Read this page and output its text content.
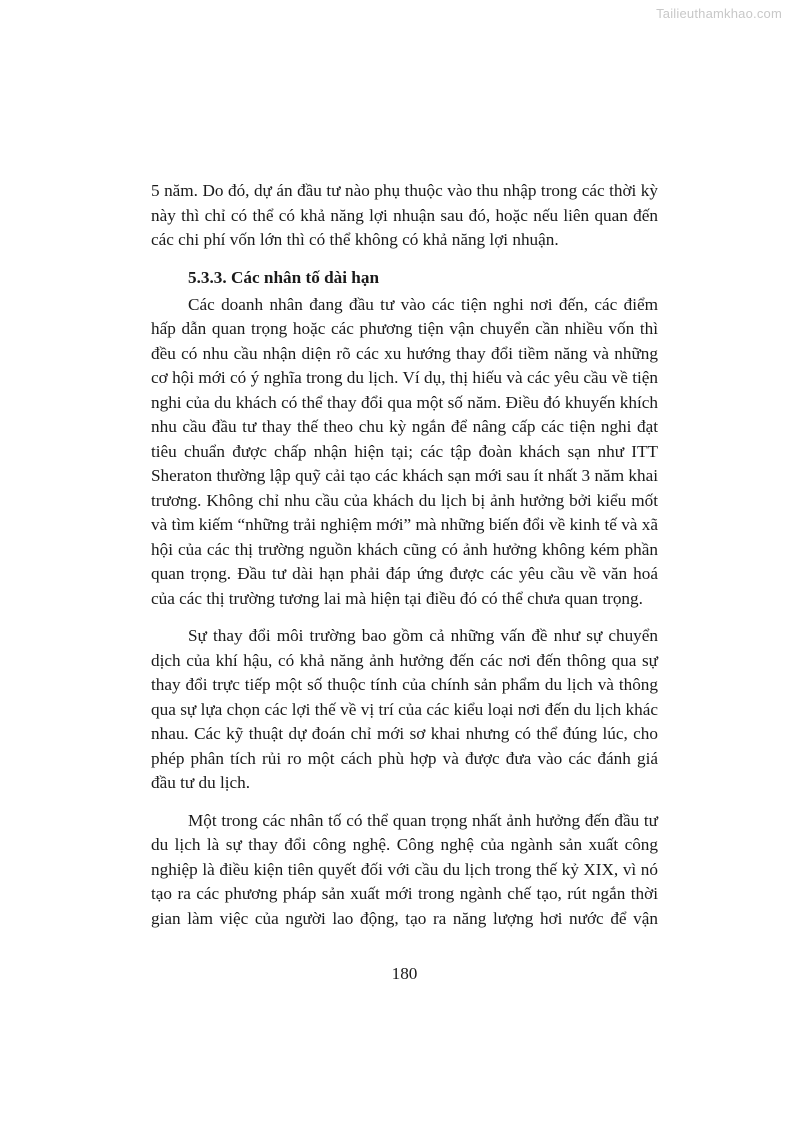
Tailieuthamkhao.com
5 năm. Do đó, dự án đầu tư nào phụ thuộc vào thu nhập trong các thời kỳ
này thì chỉ có thể có khả năng lợi nhuận sau đó, hoặc nếu liên quan đến
các chi phí vốn lớn thì có thể không có khả năng lợi nhuận.
5.3.3. Các nhân tố dài hạn
Các doanh nhân đang đầu tư vào các tiện nghi nơi đến, các điểm
hấp dẫn quan trọng hoặc các phương tiện vận chuyển cần nhiều vốn thì
đều có nhu cầu nhận diện rõ các xu hướng thay đổi tiềm năng và những
cơ hội mới có ý nghĩa trong du lịch. Ví dụ, thị hiếu và các yêu cầu về tiện
nghi của du khách có thể thay đổi qua một số năm. Điều đó khuyến khích
nhu cầu đầu tư thay thế theo chu kỳ ngắn để nâng cấp các tiện nghi đạt
tiêu chuẩn được chấp nhận hiện tại; các tập đoàn khách sạn như ITT
Sheraton thường lập quỹ cải tạo các khách sạn mới sau ít nhất 3 năm khai
trương. Không chỉ nhu cầu của khách du lịch bị ảnh hưởng bởi kiểu mốt
và tìm kiếm “những trải nghiệm mới” mà những biến đổi về kinh tế và xã
hội của các thị trường nguồn khách cũng có ảnh hưởng không kém phần
quan trọng. Đầu tư dài hạn phải đáp ứng được các yêu cầu về văn hoá
của các thị trường tương lai mà hiện tại điều đó có thể chưa quan trọng.
Sự thay đổi môi trường bao gồm cả những vấn đề như sự chuyển
dịch của khí hậu, có khả năng ảnh hưởng đến các nơi đến thông qua sự
thay đổi trực tiếp một số thuộc tính của chính sản phẩm du lịch và thông
qua sự lựa chọn các lợi thế về vị trí của các kiểu loại nơi đến du lịch khác
nhau. Các kỹ thuật dự đoán chỉ mới sơ khai nhưng có thể đúng lúc, cho
phép phân tích rủi ro một cách phù hợp và được đưa vào các đánh giá
đầu tư du lịch.
Một trong các nhân tố có thể quan trọng nhất ảnh hưởng đến đầu tư
du lịch là sự thay đổi công nghệ. Công nghệ của ngành sản xuất công
nghiệp là điều kiện tiên quyết đối với cầu du lịch trong thế kỷ XIX, vì nó
tạo ra các phương pháp sản xuất mới trong ngành chế tạo, rút ngắn thời
gian làm việc của người lao động, tạo ra năng lượng hơi nước để vận
180
